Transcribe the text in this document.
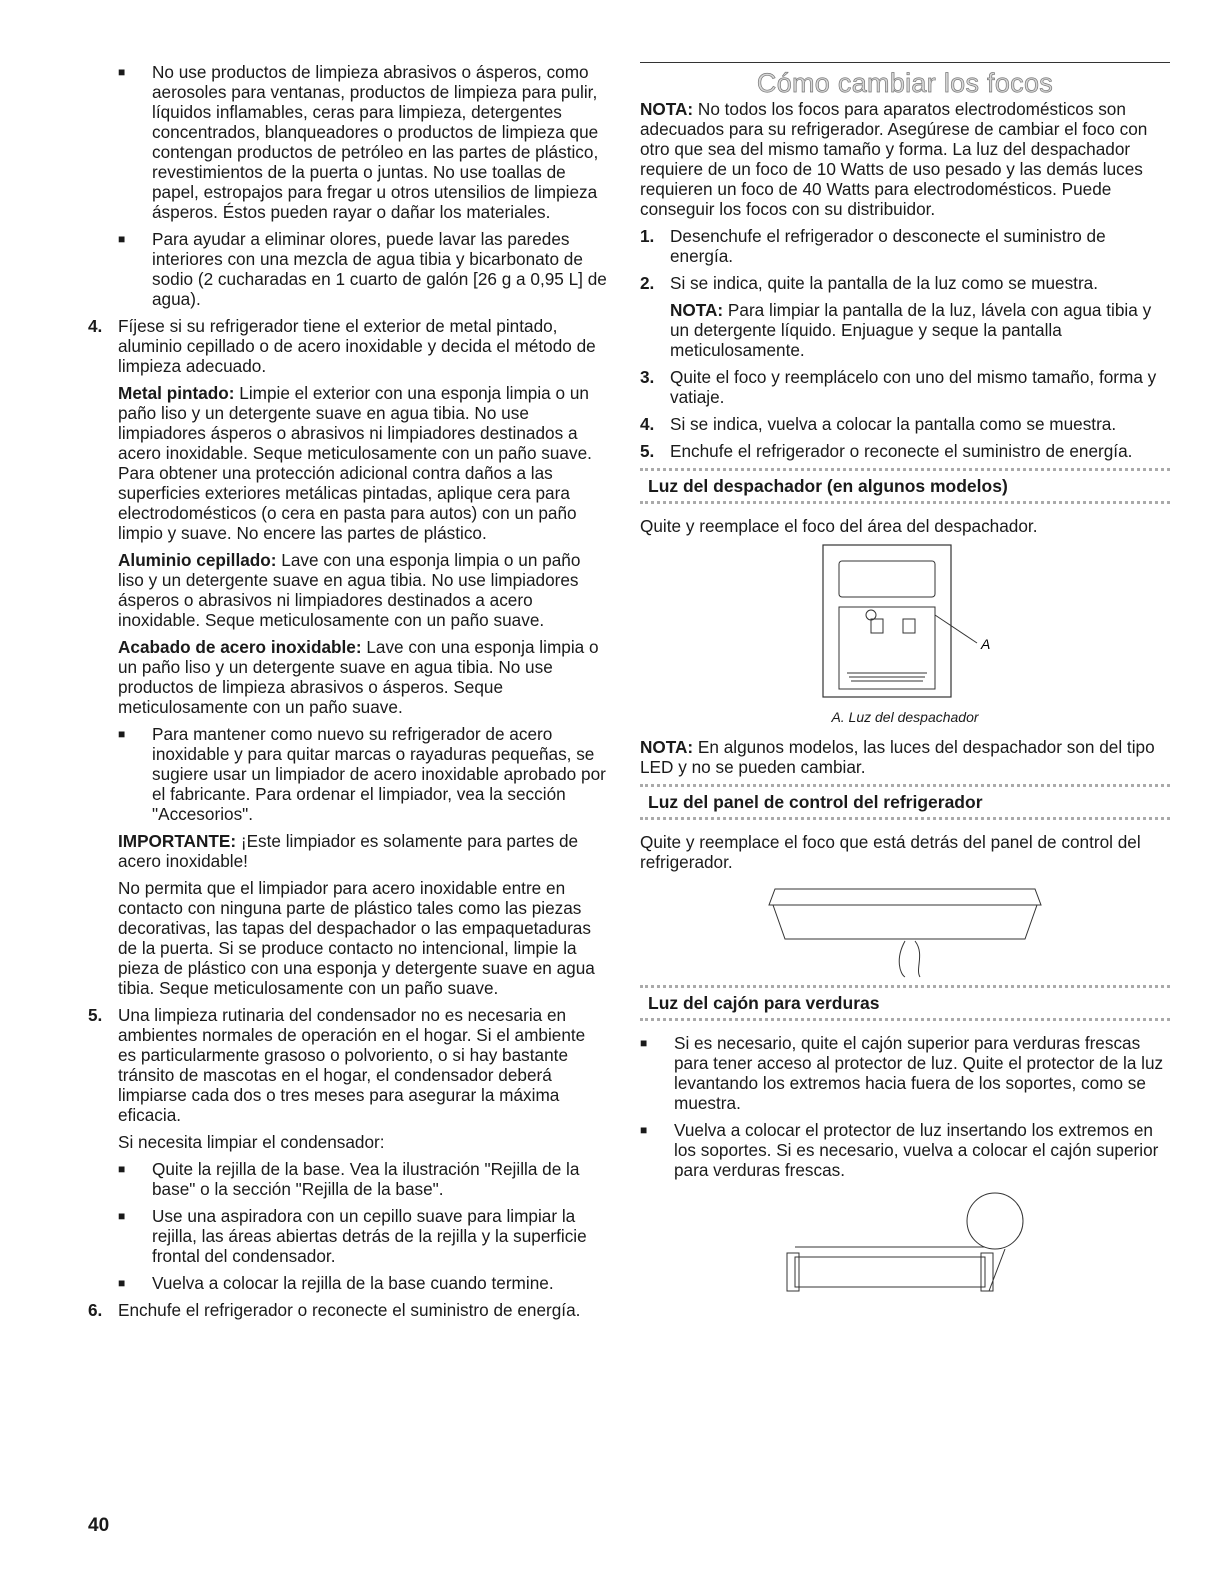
■ No use productos de limpieza abrasivos o ásperos, como aerosoles para ventanas, productos de limpieza para pulir, líquidos inflamables, ceras para limpieza, detergentes concentrados, blanqueadores o productos de limpieza que contengan productos de petróleo en las partes de plástico, revestimientos de la puerta o juntas. No use toallas de papel, estropajos para fregar u otros utensilios de limpieza ásperos. Éstos pueden rayar o dañar los materiales.

■ Para ayudar a eliminar olores, puede lavar las paredes interiores con una mezcla de agua tibia y bicarbonato de sodio (2 cucharadas en 1 cuarto de galón [26 g a 0,95 L] de agua).

4. Fíjese si su refrigerador tiene el exterior de metal pintado, aluminio cepillado o de acero inoxidable y decida el método de limpieza adecuado.

Metal pintado: Limpie el exterior con una esponja limpia o un paño liso y un detergente suave en agua tibia. No use limpiadores ásperos o abrasivos ni limpiadores destinados a acero inoxidable. Seque meticulosamente con un paño suave. Para obtener una protección adicional contra daños a las superficies exteriores metálicas pintadas, aplique cera para electrodomésticos (o cera en pasta para autos) con un paño limpio y suave. No encere las partes de plástico.

Aluminio cepillado: Lave con una esponja limpia o un paño liso y un detergente suave en agua tibia. No use limpiadores ásperos o abrasivos ni limpiadores destinados a acero inoxidable. Seque meticulosamente con un paño suave.

Acabado de acero inoxidable: Lave con una esponja limpia o un paño liso y un detergente suave en agua tibia. No use productos de limpieza abrasivos o ásperos. Seque meticulosamente con un paño suave.

■ Para mantener como nuevo su refrigerador de acero inoxidable y para quitar marcas o rayaduras pequeñas, se sugiere usar un limpiador de acero inoxidable aprobado por el fabricante. Para ordenar el limpiador, vea la sección "Accesorios".

IMPORTANTE: ¡Este limpiador es solamente para partes de acero inoxidable!

No permita que el limpiador para acero inoxidable entre en contacto con ninguna parte de plástico tales como las piezas decorativas, las tapas del despachador o las empaquetaduras de la puerta. Si se produce contacto no intencional, limpie la pieza de plástico con una esponja y detergente suave en agua tibia. Seque meticulosamente con un paño suave.

5. Una limpieza rutinaria del condensador no es necesaria en ambientes normales de operación en el hogar. Si el ambiente es particularmente grasoso o polvoriento, o si hay bastante tránsito de mascotas en el hogar, el condensador deberá limpiarse cada dos o tres meses para asegurar la máxima eficacia.

Si necesita limpiar el condensador:

■ Quite la rejilla de la base. Vea la ilustración "Rejilla de la base" o la sección "Rejilla de la base".

■ Use una aspiradora con un cepillo suave para limpiar la rejilla, las áreas abiertas detrás de la rejilla y la superficie frontal del condensador.

■ Vuelva a colocar la rejilla de la base cuando termine.

6. Enchufe el refrigerador o reconecte el suministro de energía.

Cómo cambiar los focos

NOTA: No todos los focos para aparatos electrodomésticos son adecuados para su refrigerador. Asegúrese de cambiar el foco con otro que sea del mismo tamaño y forma. La luz del despachador requiere de un foco de 10 Watts de uso pesado y las demás luces requieren un foco de 40 Watts para electrodomésticos. Puede conseguir los focos con su distribuidor.

1. Desenchufe el refrigerador o desconecte el suministro de energía.

2. Si se indica, quite la pantalla de la luz como se muestra.

NOTA: Para limpiar la pantalla de la luz, lávela con agua tibia y un detergente líquido. Enjuague y seque la pantalla meticulosamente.

3. Quite el foco y reemplácelo con uno del mismo tamaño, forma y vatiaje.

4. Si se indica, vuelva a colocar la pantalla como se muestra.

5. Enchufe el refrigerador o reconecte el suministro de energía.

Luz del despachador (en algunos modelos)

Quite y reemplace el foco del área del despachador.

A
A. Luz del despachador

NOTA: En algunos modelos, las luces del despachador son del tipo LED y no se pueden cambiar.

Luz del panel de control del refrigerador

Quite y reemplace el foco que está detrás del panel de control del refrigerador.

Luz del cajón para verduras

■ Si es necesario, quite el cajón superior para verduras frescas para tener acceso al protector de luz. Quite el protector de la luz levantando los extremos hacia fuera de los soportes, como se muestra.

■ Vuelva a colocar el protector de luz insertando los extremos en los soportes. Si es necesario, vuelva a colocar el cajón superior para verduras frescas.

40
